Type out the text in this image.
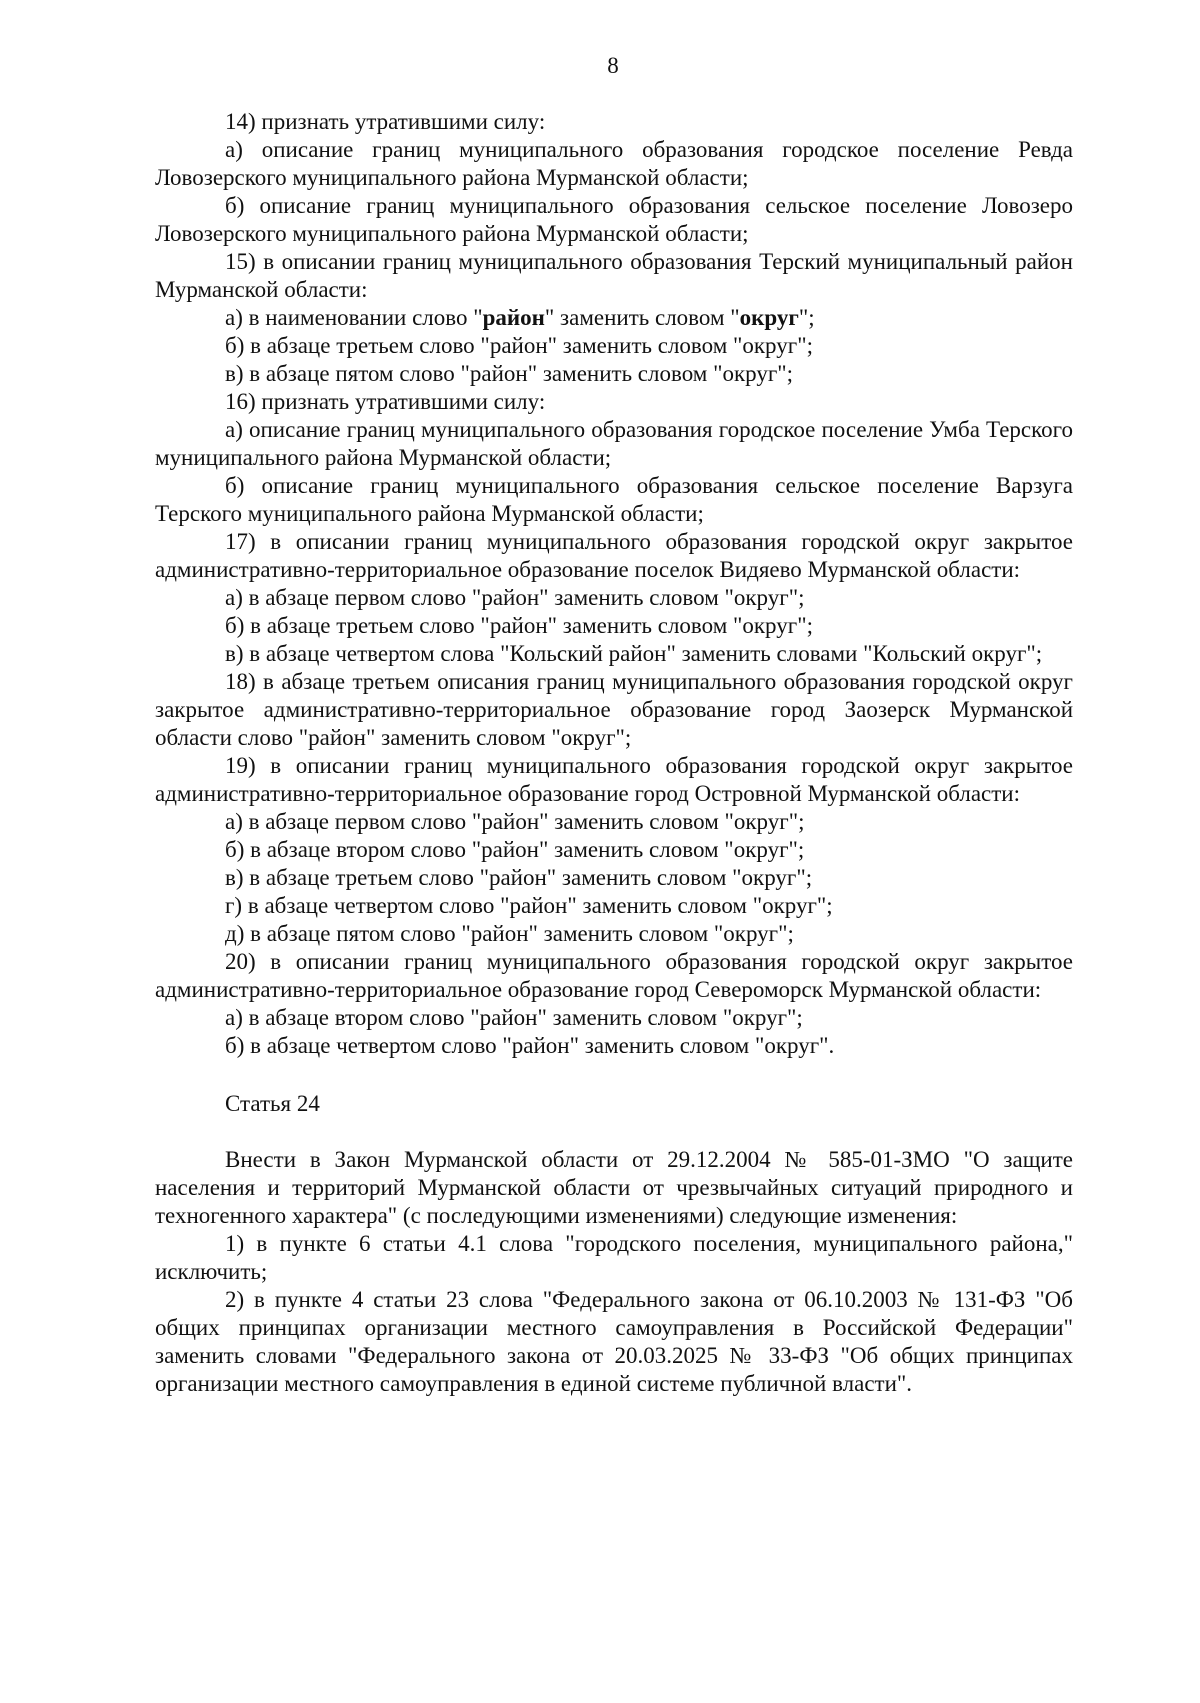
8

14) признать утратившими силу:

а) описание границ муниципального образования городское поселение Ревда Ловозерского муниципального района Мурманской области;

б) описание границ муниципального образования сельское поселение Ловозеро Ловозерского муниципального района Мурманской области;

15) в описании границ муниципального образования Терский муниципальный район Мурманской области:

а) в наименовании слово "район" заменить словом "округ";

б) в абзаце третьем слово "район" заменить словом "округ";

в) в абзаце пятом слово "район" заменить словом "округ";

16) признать утратившими силу:

а) описание границ муниципального образования городское поселение Умба Терского муниципального района Мурманской области;

б) описание границ муниципального образования сельское поселение Варзуга Терского муниципального района Мурманской области;

17) в описании границ муниципального образования городской округ закрытое административно-территориальное образование поселок Видяево Мурманской области:

а) в абзаце первом слово "район" заменить словом "округ";

б) в абзаце третьем слово "район" заменить словом "округ";

в) в абзаце четвертом слова "Кольский район" заменить словами "Кольский округ";

18) в абзаце третьем описания границ муниципального образования городской округ закрытое административно-территориальное образование город Заозерск Мурманской области слово "район" заменить словом "округ";

19) в описании границ муниципального образования городской округ закрытое административно-территориальное образование город Островной Мурманской области:

а) в абзаце первом слово "район" заменить словом "округ";

б) в абзаце втором слово "район" заменить словом "округ";

в) в абзаце третьем слово "район" заменить словом "округ";

г) в абзаце четвертом слово "район" заменить словом "округ";

д) в абзаце пятом слово "район" заменить словом "округ";

20) в описании границ муниципального образования городской округ закрытое административно-территориальное образование город Североморск Мурманской области:

а) в абзаце втором слово "район" заменить словом "округ";

б) в абзаце четвертом слово "район" заменить словом "округ".

Статья 24

Внести в Закон Мурманской области от 29.12.2004 № 585-01-ЗМО "О защите населения и территорий Мурманской области от чрезвычайных ситуаций природного и техногенного характера" (с последующими изменениями) следующие изменения:

1) в пункте 6 статьи 4.1 слова "городского поселения, муниципального района," исключить;

2) в пункте 4 статьи 23 слова "Федерального закона от 06.10.2003 № 131-ФЗ "Об общих принципах организации местного самоуправления в Российской Федерации" заменить словами "Федерального закона от 20.03.2025 № 33-ФЗ "Об общих принципах организации местного самоуправления в единой системе публичной власти".
